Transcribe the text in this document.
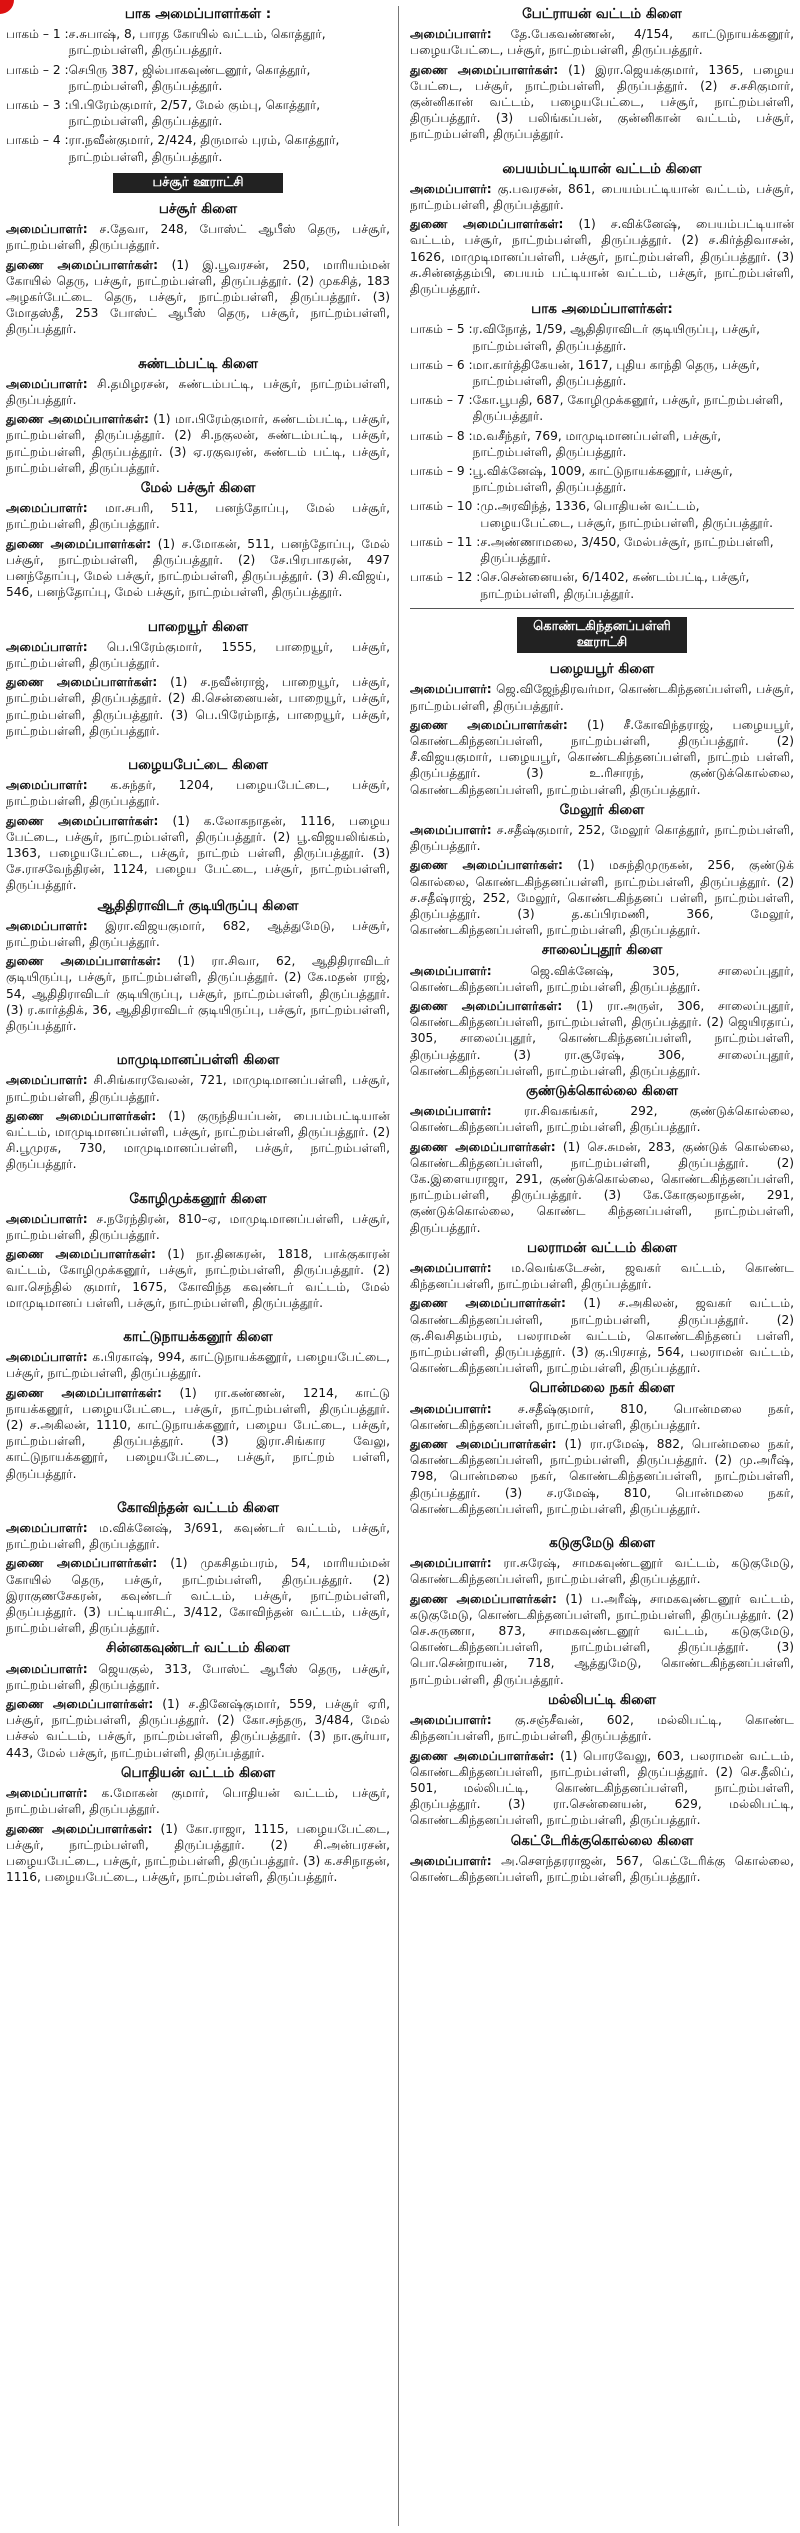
பாக அமைப்பாளர்கள் :
பாகம் – 1 : ச.சுபாஷ், 8, பாரத கோயில் வட்டம், கொத்தூர், நாட்றம்பள்ளி, திருப்பத்தூர்.
பாகம் – 2 : செபிரு 387, ஜில்பாகவுண்டனூர், கொத்தூர், நாட்றம்பள்ளி, திருப்பத்தூர்.
பாகம் – 3 : பி.பிரேம்குமார், 2/57, மேல் கும்பு, கொத்தூர், நாட்றம்பள்ளி, திருப்பத்தூர்.
பாகம் – 4 : ரா.நவீன்குமார், 2/424, திருமால் புரம், கொத்தூர், நாட்றம்பள்ளி, திருப்பத்தூர்.
பச்சூர் ஊராட்சி
பச்சூர் கிளை
அமைப்பாளர்: ச.தேவா, 248, போஸ்ட் ஆபீஸ் தெரு, பச்சூர், நாட்றம்பள்ளி, திருப்பத்தூர்.
துணை அமைப்பாளர்கள்: (1) இ.பூவரசன், 250, மாரியம்மன் கோயில் தெரு, பச்சூர், நாட்றம்பள்ளி, திருப்பத்தூர். (2) முகசித், 183 அழகர்பேட்டை தெரு, பச்சூர், நாட்றம்பள்ளி, திருப்பத்தூர். (3) மோதஸ்தீ, 253 போஸ்ட் ஆபீஸ் தெரு, பச்சூர், நாட்றம்பள்ளி, திருப்பத்தூர்.
சுண்டம்பட்டி கிளை
அமைப்பாளர்: சி.தமிழரசன், சுண்டம்பட்டி, பச்சூர், நாட்றம்பள்ளி, திருப்பத்தூர்.
துணை அமைப்பாளர்கள்: (1) மா.பிரேம்குமார், சுண்டம்பட்டி, பச்சூர், நாட்றம்பள்ளி, திருப்பத்தூர். (2) சி.நகுலன், சுண்டம்பட்டி, பச்சூர், நாட்றம்பள்ளி, திருப்பத்தூர். (3) ஏ.ரகுவரன், சுண்டம் பட்டி, பச்சூர், நாட்றம்பள்ளி, திருப்பத்தூர்.
மேல் பச்சூர் கிளை
அமைப்பாளர்: மா.சபரி, 511, பனந்தோப்பு, மேல் பச்சூர், நாட்றம்பள்ளி, திருப்பத்தூர்.
துணை அமைப்பாளர்கள்: (1) ச.மோகன், 511, பனந்தோப்பு, மேல் பச்சூர், நாட்றம்பள்ளி, திருப்பத்தூர். (2) சே.பிரபாகரன், 497 பனந்தோப்பு, மேல் பச்சூர், நாட்றம்பள்ளி, திருப்பத்தூர். (3) சி.விஜய், 546, பனந்தோப்பு, மேல் பச்சூர், நாட்றம்பள்ளி, திருப்பத்தூர்.
பாறையூர் கிளை
அமைப்பாளர்: பெ.பிரேம்குமார், 1555, பாறையூர், பச்சூர், நாட்றம்பள்ளி, திருப்பத்தூர்.
துணை அமைப்பாளர்கள்: (1) ச.நவீன்ராஜ், பாறையூர், பச்சூர், நாட்றம்பள்ளி, திருப்பத்தூர். (2) கி.சென்னையன், பாறையூர், பச்சூர், நாட்றம்பள்ளி, திருப்பத்தூர். (3) பெ.பிரேம்நாத், பாறையூர், பச்சூர், நாட்றம்பள்ளி, திருப்பத்தூர்.
பழையபேட்டை கிளை
அமைப்பாளர்: க.சுந்தர், 1204, பழையபேட்டை, பச்சூர், நாட்றம்பள்ளி, திருப்பத்தூர்.
துணை அமைப்பாளர்கள்: (1) க.லோகநாதன், 1116, பழைய பேட்டை, பச்சூர், நாட்றம்பள்ளி, திருப்பத்தூர். (2) பூ.விஜயலிங்கம், 1363, பழையபேட்டை, பச்சூர், நாட்றம் பள்ளி, திருப்பத்தூர். (3) சே.ராசவேந்திரன், 1124, பழைய பேட்டை, பச்சூர், நாட்றம்பள்ளி, திருப்பத்தூர்.
ஆதிதிராவிடர் குடியிருப்பு கிளை
அமைப்பாளர்: இரா.விஜயகுமார், 682, ஆத்துமேடு, பச்சூர், நாட்றம்பள்ளி, திருப்பத்தூர்.
துணை அமைப்பாளர்கள்: (1) ரா.சிவா, 62, ஆதிதிராவிடர் குடியிருப்பு, பச்சூர், நாட்றம்பள்ளி, திருப்பத்தூர். (2) கே.மதன் ராஜ், 54, ஆதிதிராவிடர் குடியிருப்பு, பச்சூர், நாட்றம்பள்ளி, திருப்பத்தூர். (3) ர.கார்த்திக், 36, ஆதிதிராவிடர் குடியிருப்பு, பச்சூர், நாட்றம்பள்ளி, திருப்பத்தூர்.
மாமுடிமானப்பள்ளி கிளை
அமைப்பாளர்: சி.சிங்காரவேலன், 721, மாமுடிமானப்பள்ளி, பச்சூர், நாட்றம்பள்ளி, திருப்பத்தூர்.
துணை அமைப்பாளர்கள்: (1) குருந்தியப்பன், பைபம்பட்டியான் வட்டம், மாமுடிமானப்பள்ளி, பச்சூர், நாட்றம்பள்ளி, திருப்பத்தூர். (2) சி.பூமுரசு, 730, மாமுடிமானப்பள்ளி, பச்சூர், நாட்றம்பள்ளி, திருப்பத்தூர்.
கோழிமுக்கனூர் கிளை
அமைப்பாளர்: ச.நரேந்திரன், 810–ஏ, மாமுடிமானப்பள்ளி, பச்சூர், நாட்றம்பள்ளி, திருப்பத்தூர்.
துணை அமைப்பாளர்கள்: (1) நா.தினகரன், 1818, பாக்குகாரன் வட்டம், கோழிமுக்கனூர், பச்சூர், நாட்றம்பள்ளி, திருப்பத்தூர். (2) வா.செந்தில் குமார், 1675, கோவிந்த கவுண்டர் வட்டம், மேல் மாமுடிமானப் பள்ளி, பச்சூர், நாட்றம்பள்ளி, திருப்பத்தூர்.
காட்டுநாயக்கனூர் கிளை
அமைப்பாளர்: க.பிரகாஷ், 994, காட்டுநாயக்கனூர், பழையபேட்டை, பச்சூர், நாட்றம்பள்ளி, திருப்பத்தூர்.
துணை அமைப்பாளர்கள்: (1) ரா.கண்ணன், 1214, காட்டு நாயக்கனூர், பழையபேட்டை, பச்சூர், நாட்றம்பள்ளி, திருப்பத்தூர். (2) ச.அகிலன், 1110, காட்டுநாயக்கனூர், பழைய பேட்டை, பச்சூர், நாட்றம்பள்ளி, திருப்பத்தூர். (3) இரா.சிங்கார வேலு, காட்டுநாயக்கனூர், பழையபேட்டை, பச்சூர், நாட்றம் பள்ளி, திருப்பத்தூர்.
கோவிந்தன் வட்டம் கிளை
அமைப்பாளர்: ம.விக்னேஷ், 3/691, கவுண்டர் வட்டம், பச்சூர், நாட்றம்பள்ளி, திருப்பத்தூர்.
துணை அமைப்பாளர்கள்: (1) முகசிதம்பரம், 54, மாரியம்மன் கோயில் தெரு, பச்சூர், நாட்றம்பள்ளி, திருப்பத்தூர். (2) இராகுணசேகரன், கவுண்டர் வட்டம், பச்சூர், நாட்றம்பள்ளி, திருப்பத்தூர். (3) பட்டியாசிட், 3/412, கோவிந்தன் வட்டம், பச்சூர், நாட்றம்பள்ளி, திருப்பத்தூர்.
சின்னகவுண்டர் வட்டம் கிளை
அமைப்பாளர்: ஜெயகுல், 313, போஸ்ட் ஆபீஸ் தெரு, பச்சூர், நாட்றம்பள்ளி, திருப்பத்தூர்.
துணை அமைப்பாளர்கள்: (1) ச.தினேஷ்குமார், 559, பச்சூர் ஏரி, பச்சூர், நாட்றம்பள்ளி, திருப்பத்தூர். (2) கோ.சந்தரு, 3/484, மேல் பச்சல் வட்டம், பச்சூர், நாட்றம்பள்ளி, திருப்பத்தூர். (3) நா.சூர்யா, 443, மேல் பச்சூர், நாட்றம்பள்ளி, திருப்பத்தூர்.
பொதியன் வட்டம் கிளை
அமைப்பாளர்: க.மோகன் குமார், பொதியன் வட்டம், பச்சூர், நாட்றம்பள்ளி, திருப்பத்தூர்.
துணை அமைப்பாளர்கள்: (1) கோ.ராஜா, 1115, பழையபேட்டை, பச்சூர், நாட்றம்பள்ளி, திருப்பத்தூர். (2) சி.அன்பரசன், பழையபேட்டை, பச்சூர், நாட்றம்பள்ளி, திருப்பத்தூர். (3) க.சசிநாதன், 1116, பழையபேட்டை, பச்சூர், நாட்றம்பள்ளி, திருப்பத்தூர்.
பேட்ராயன் வட்டம் கிளை
அமைப்பாளர்: தே.பேகவண்ணன், 4/154, காட்டுநாயக்கனூர், பழையபேட்டை, பச்சூர், நாட்றம்பள்ளி, திருப்பத்தூர்.
துணை அமைப்பாளர்கள்: (1) இரா.ஜெயக்குமார், 1365, பழைய பேட்டை, பச்சூர், நாட்றம்பள்ளி, திருப்பத்தூர். (2) ச.சசிகுமார், குன்னிகான் வட்டம், பழையபேட்டை, பச்சூர், நாட்றம்பள்ளி, திருப்பத்தூர். (3) பலிங்கப்பன், குன்னிகான் வட்டம், பச்சூர், நாட்றம்பள்ளி, திருப்பத்தூர்.
பையம்பட்டியான் வட்டம் கிளை
அமைப்பாளர்: கு.பவரசன், 861, பையம்பட்டியான் வட்டம், பச்சூர், நாட்றம்பள்ளி, திருப்பத்தூர்.
துணை அமைப்பாளர்கள்: (1) ச.விக்னேஷ், பையம்பட்டியான் வட்டம், பச்சூர், நாட்றம்பள்ளி, திருப்பத்தூர். (2) ச.கிர்த்திவாசன், 1626, மாமுடிமானப்பள்ளி, பச்சூர், நாட்றம்பள்ளி, திருப்பத்தூர். (3) சு.சின்னத்தம்பி, பையம் பட்டியான் வட்டம், பச்சூர், நாட்றம்பள்ளி, திருப்பத்தூர்.
பாக அமைப்பாளர்கள்:
பாகம் – 5 : ர.விநோத், 1/59, ஆதிதிராவிடர் குடியிருப்பு, பச்சூர், நாட்றம்பள்ளி, திருப்பத்தூர்.
பாகம் – 6 : மா.கார்த்திகேயன், 1617, புதிய காந்தி தெரு, பச்சூர், நாட்றம்பள்ளி, திருப்பத்தூர்.
பாகம் – 7 : கோ.பூபதி, 687, கோழிமுக்கனூர், பச்சூர், நாட்றம்பள்ளி, திருப்பத்தூர்.
பாகம் – 8 : ம.வசீந்தர், 769, மாமுடிமானப்பள்ளி, பச்சூர், நாட்றம்பள்ளி, திருப்பத்தூர்.
பாகம் – 9 : பூ.விக்னேஷ், 1009, காட்டுநாயக்கனூர், பச்சூர், நாட்றம்பள்ளி, திருப்பத்தூர்.
பாகம் – 10 : மு.அரவிந்த், 1336, பொதியன் வட்டம், பழையபேட்டை, பச்சூர், நாட்றம்பள்ளி, திருப்பத்தூர்.
பாகம் – 11 : ச.அண்ணாமலை, 3/450, மேல்பச்சூர், நாட்றம்பள்ளி, திருப்பத்தூர்.
பாகம் – 12 : செ.சென்னையன், 6/1402, சுண்டம்பட்டி, பச்சூர், நாட்றம்பள்ளி, திருப்பத்தூர்.
கொண்டகிந்தனப்பள்ளி ஊராட்சி
பழையபூர் கிளை
அமைப்பாளர்: ஜெ.விஜேந்திரவர்மா, கொண்டகிந்தனப்பள்ளி, பச்சூர், நாட்றம்பள்ளி, திருப்பத்தூர்.
துணை அமைப்பாளர்கள்: (1) சீ.கோவிந்தராஜ், பழையபூர், கொண்டகிந்தனப்பள்ளி, நாட்றம்பள்ளி, திருப்பத்தூர். (2) சீ.விஜயகுமார், பழையபூர், கொண்டகிந்தனப்பள்ளி, நாட்றம் பள்ளி, திருப்பத்தூர். (3) உ.ரிசாரந், குண்டுக்கொல்லை, கொண்டகிந்தனப்பள்ளி, நாட்றம்பள்ளி, திருப்பத்தூர்.
மேலூர் கிளை
அமைப்பாளர்: ச.சதீஷ்குமார், 252, மேலூர் கொத்தூர், நாட்றம்பள்ளி, திருப்பத்தூர்.
துணை அமைப்பாளர்கள்: (1) மசுந்திமுருகன், 256, குண்டுக் கொல்லை, கொண்டகிந்தனப்பள்ளி, நாட்றம்பள்ளி, திருப்பத்தூர். (2) ச.சதீஷ்ராஜ், 252, மேலூர், கொண்டகிந்தனப் பள்ளி, நாட்றம்பள்ளி, திருப்பத்தூர். (3) த.கப்பிரமணி, 366, மேலூர், கொண்டகிந்தனப்பள்ளி, நாட்றம்பள்ளி, திருப்பத்தூர்.
சாலைப்புதூர் கிளை
அமைப்பாளர்:	ஜெ.விக்னேஷ், 305, சாலைப்புதூர், கொண்டகிந்தனப்பள்ளி, நாட்றம்பள்ளி, திருப்பத்தூர்.
துணை அமைப்பாளர்கள்: (1) ரா.அருள், 306, சாலைப்புதூர், கொண்டகிந்தனப்பள்ளி, நாட்றம்பள்ளி, திருப்பத்தூர். (2) ஜெயிரதாப், 305, சாலைப்புதூர், கொண்டகிந்தனப்பள்ளி, நாட்றம்பள்ளி, திருப்பத்தூர். (3) ரா.சூரேஷ், 306, சாலைப்புதூர், கொண்டகிந்தனப்பள்ளி, நாட்றம்பள்ளி, திருப்பத்தூர்.
குண்டுக்கொல்லை கிளை
அமைப்பாளர்:	ரா.சிவகங்கர், 292, குண்டுக்கொல்லை, கொண்டகிந்தனப்பள்ளி, நாட்றம்பள்ளி, திருப்பத்தூர்.
துணை அமைப்பாளர்கள்: (1) செ.சுமன், 283, குண்டுக் கொல்லை, கொண்டகிந்தனப்பள்ளி, நாட்றம்பள்ளி, திருப்பத்தூர். (2) கே.இளையராஜா, 291, குண்டுக்கொல்லை, கொண்டகிந்தனப்பள்ளி, நாட்றம்பள்ளி, திருப்பத்தூர். (3) கே.கோகுலநாதன், 291, குண்டுக்கொல்லை, கொண்ட கிந்தனப்பள்ளி, நாட்றம்பள்ளி, திருப்பத்தூர்.
பலராமன் வட்டம் கிளை
அமைப்பாளர்: ம.வெங்கடேசன், ஜவகர் வட்டம், கொண்ட கிந்தனப்பள்ளி, நாட்றம்பள்ளி, திருப்பத்தூர்.
துணை அமைப்பாளர்கள்: (1) ச.அகிலன், ஜவகர் வட்டம், கொண்டகிந்தனப்பள்ளி, நாட்றம்பள்ளி, திருப்பத்தூர். (2) கு.சிவசிதம்பரம், பலராமன் வட்டம், கொண்டகிந்தனப் பள்ளி, நாட்றம்பள்ளி, திருப்பத்தூர். (3) கு.பிரசாத், 564, பலராமன் வட்டம், கொண்டகிந்தனப்பள்ளி, நாட்றம்பள்ளி, திருப்பத்தூர்.
பொன்மலை நகர் கிளை
அமைப்பாளர்: ச.சதீஷ்குமார், 810, பொன்மலை நகர், கொண்டகிந்தனப்பள்ளி, நாட்றம்பள்ளி, திருப்பத்தூர்.
துணை அமைப்பாளர்கள்: (1) ரா.ரமேஷ், 882, பொன்மலை நகர், கொண்டகிந்தனப்பள்ளி, நாட்றம்பள்ளி, திருப்பத்தூர். (2) மு.அரீஷ், 798, பொன்மலை நகர், கொண்டகிந்தனப்பள்ளி, நாட்றம்பள்ளி, திருப்பத்தூர். (3) ச.ரமேஷ், 810, பொன்மலை நகர், கொண்டகிந்தனப்பள்ளி, நாட்றம்பள்ளி, திருப்பத்தூர்.
கடுகுமேடு கிளை
அமைப்பாளர்: ரா.சுரேஷ், சாமகவுண்டனூர் வட்டம், கடுகுமேடு, கொண்டகிந்தனப்பள்ளி, நாட்றம்பள்ளி, திருப்பத்தூர்.
துணை அமைப்பாளர்கள்: (1) ப.அரீஷ், சாமகவுண்டனூர் வட்டம், கடுகுமேடு, கொண்டகிந்தனப்பள்ளி, நாட்றம்பள்ளி, திருப்பத்தூர். (2) செ.சுருணா, 873, சாமகவுண்டனூர் வட்டம், கடுகுமேடு, கொண்டகிந்தனப்பள்ளி, நாட்றம்பள்ளி, திருப்பத்தூர். (3) பொ.சென்றாயன், 718, ஆத்துமேடு, கொண்டகிந்தனப்பள்ளி, நாட்றம்பள்ளி, திருப்பத்தூர்.
மல்லிபட்டி கிளை
அமைப்பாளர்: கு.சஞ்சீவன், 602, மல்லிபட்டி, கொண்ட கிந்தனப்பள்ளி, நாட்றம்பள்ளி, திருப்பத்தூர்.
துணை அமைப்பாளர்கள்: (1) பொரவேலு, 603, பலராமன் வட்டம், கொண்டகிந்தனப்பள்ளி, நாட்றம்பள்ளி, திருப்பத்தூர். (2) செ.தீலிப், 501, மல்லிபட்டி, கொண்டகிந்தனப்பள்ளி, நாட்றம்பள்ளி, திருப்பத்தூர். (3) ரா.சென்னையன், 629, மல்லிபட்டி, கொண்டகிந்தனப்பள்ளி, நாட்றம்பள்ளி, திருப்பத்தூர்.
கெட்டேரிக்குகொல்லை கிளை
அமைப்பாளர்: அ.சௌந்தரராஜன், 567, கெட்டேரிக்கு கொல்லை, கொண்டகிந்தனப்பள்ளி, நாட்றம்பள்ளி, திருப்பத்தூர்.
